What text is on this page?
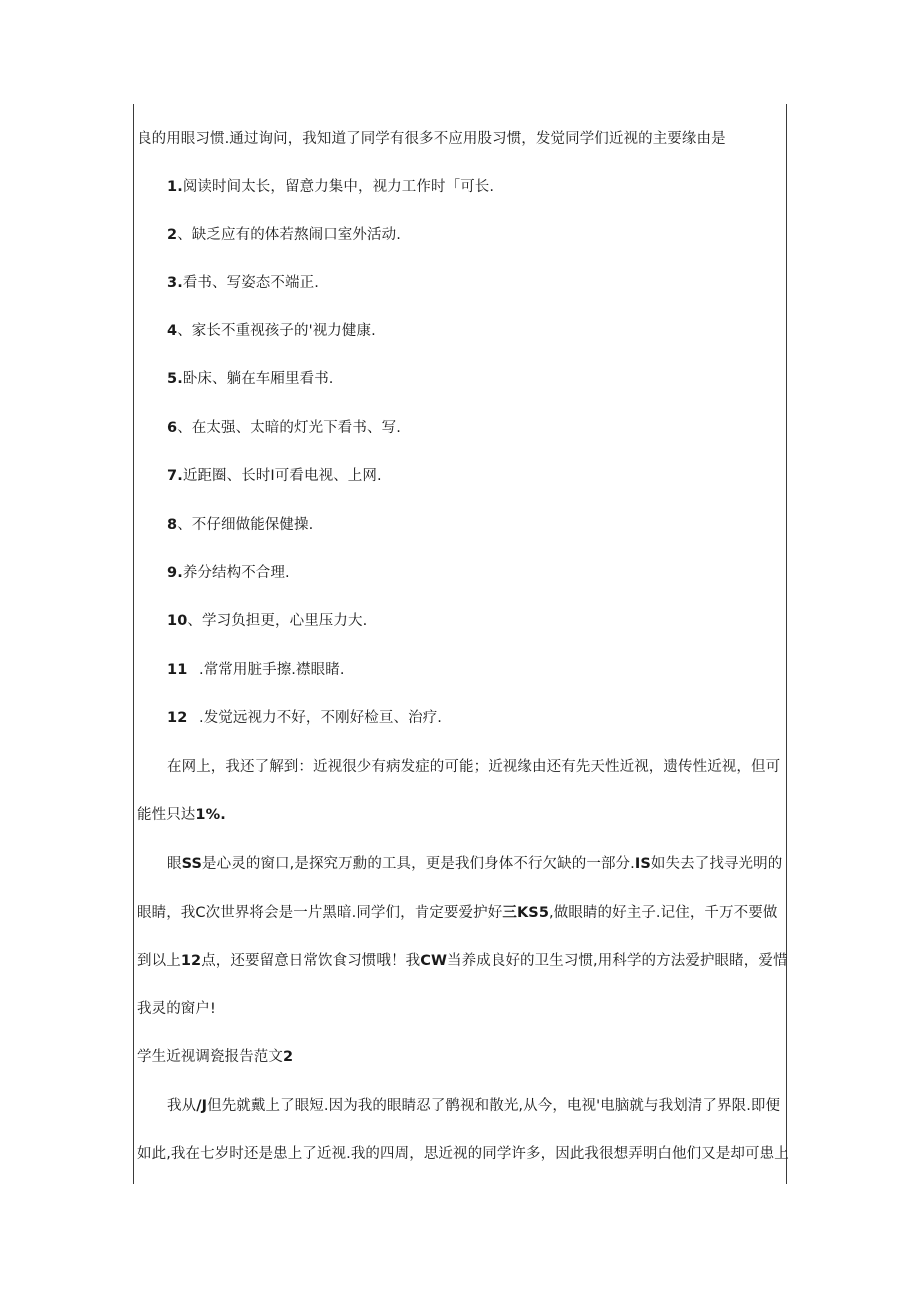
良的用眼习惯.通过询问，我知道了同学有很多不应用股习惯，发觉同学们近视的主要缘由是
1.阅读时间太长，留意力集中，视力工作时「可长.
2、缺乏应有的体若熬闹口室外活动.
3.看书、写姿态不端正.
4、家长不重视孩子的'视力健康.
5.卧床、躺在车厢里看书.
6、在太强、太暗的灯光下看书、写.
7.近距圈、长时I可看电视、上网.
8、不仔细做能保健操.
9.养分结构不合理.
10、学习负担更，心里压力大.
11 .常常用脏手擦.襟眼睹.
12 .发觉远视力不好，不刚好检亘、治疗.
在网上，我还了解到：近视很少有病发症的可能；近视缘由还有先天性近视，遗传性近视，但可
能性只达1%.
眼SS是心灵的窗口,是探究万勳的工具，更是我们身体不行欠缺的一部分.IS如失去了找寻光明的
眼睛，我C次世界将会是一片黑暗.同学们，肯定要爱护好三KS5,做眼睛的好主子.记住，千万不要做
到以上12点，还要留意日常饮食习惯哦！我CW当养成良好的卫生习惯,用科学的方法爱护眼睹，爱惜
我灵的窗户!
学生近视调瓷报告范文2
我从/J但先就戴上了眼短.因为我的眼睛忍了鹘视和散光,从今，电视'电脑就与我划清了界限.即便
如此,我在七岁时还是患上了近视.我的四周，思近视的同学许多，因此我很想弄明白他们又是却可患上
